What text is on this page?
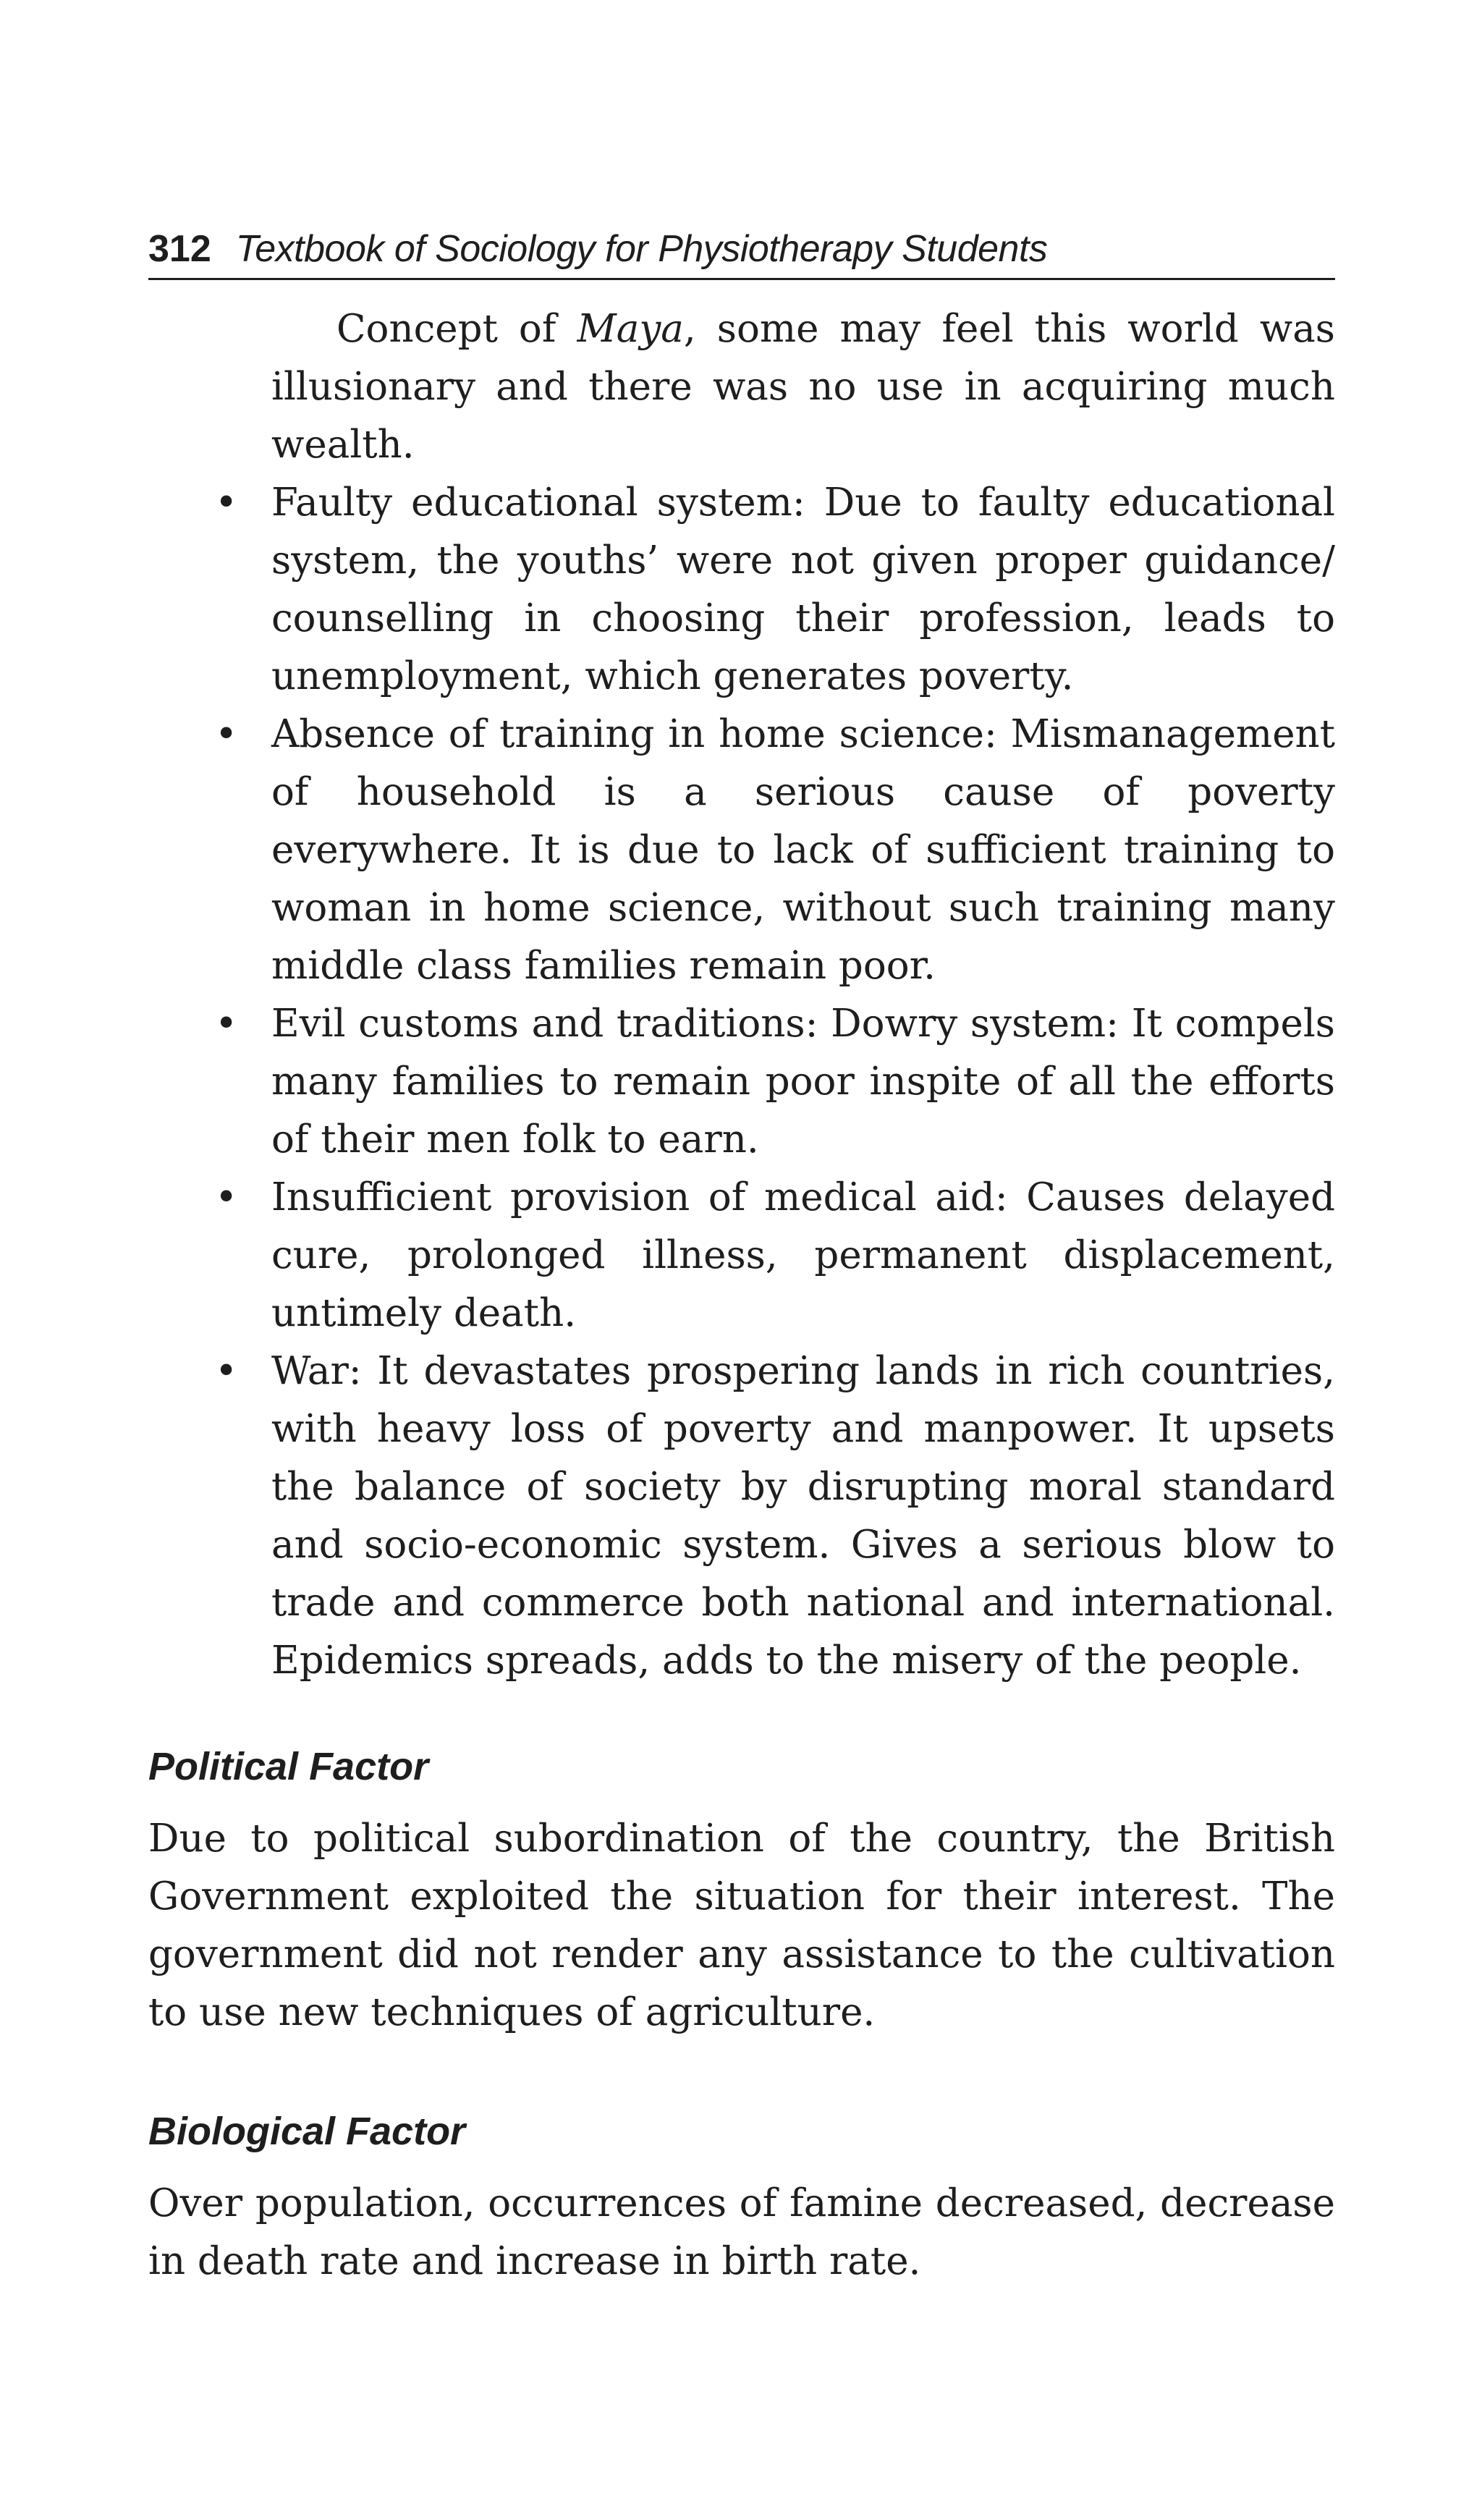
312 Textbook of Sociology for Physiotherapy Students

Concept of Maya, some may feel this world was illusionary and there was no use in acquiring much wealth.

• Faulty educational system: Due to faulty educational system, the youths’ were not given proper guidance/ counselling in choosing their profession, leads to unemployment, which generates poverty.
• Absence of training in home science: Mismanagement of household is a serious cause of poverty everywhere. It is due to lack of sufficient training to woman in home science, without such training many middle class families remain poor.
• Evil customs and traditions: Dowry system: It compels many families to remain poor inspite of all the efforts of their men folk to earn.
• Insufficient provision of medical aid: Causes delayed cure, prolonged illness, permanent displacement, untimely death.
• War: It devastates prospering lands in rich countries, with heavy loss of poverty and manpower. It upsets the balance of society by disrupting moral standard and socio-economic system. Gives a serious blow to trade and commerce both national and international. Epidemics spreads, adds to the misery of the people.
Political Factor

Due to political subordination of the country, the British Government exploited the situation for their interest. The government did not render any assistance to the cultivation to use new techniques of agriculture.

Biological Factor

Over population, occurrences of famine decreased, decrease in death rate and increase in birth rate.
